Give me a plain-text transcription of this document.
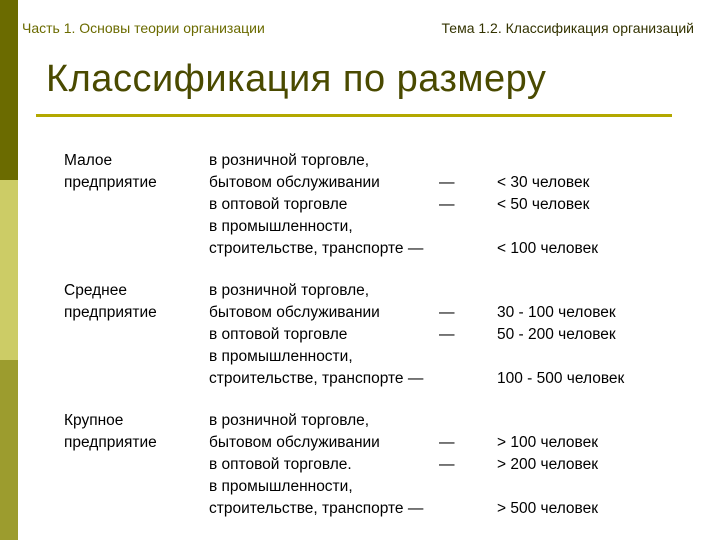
Часть 1. Основы теории организации	Тема 1.2. Классификация организаций
Классификация по размеру
Малое	в розничной торговле,
предприятие	бытовом обслуживании	—	< 30 человек
в оптовой торговле	—	< 50 человек
в промышленности,
строительстве, транспорте —	< 100 человек
Среднее	в розничной торговле,
предприятие	бытовом обслуживании	—	30 - 100 человек
в оптовой торговле	—	50 - 200 человек
в промышленности,
строительстве, транспорте —	100 - 500 человек
Крупное	в розничной торговле,
предприятие	бытовом обслуживании	—	> 100 человек
в оптовой торговле.	—	> 200 человек
в промышленности,
строительстве, транспорте —	> 500 человек
